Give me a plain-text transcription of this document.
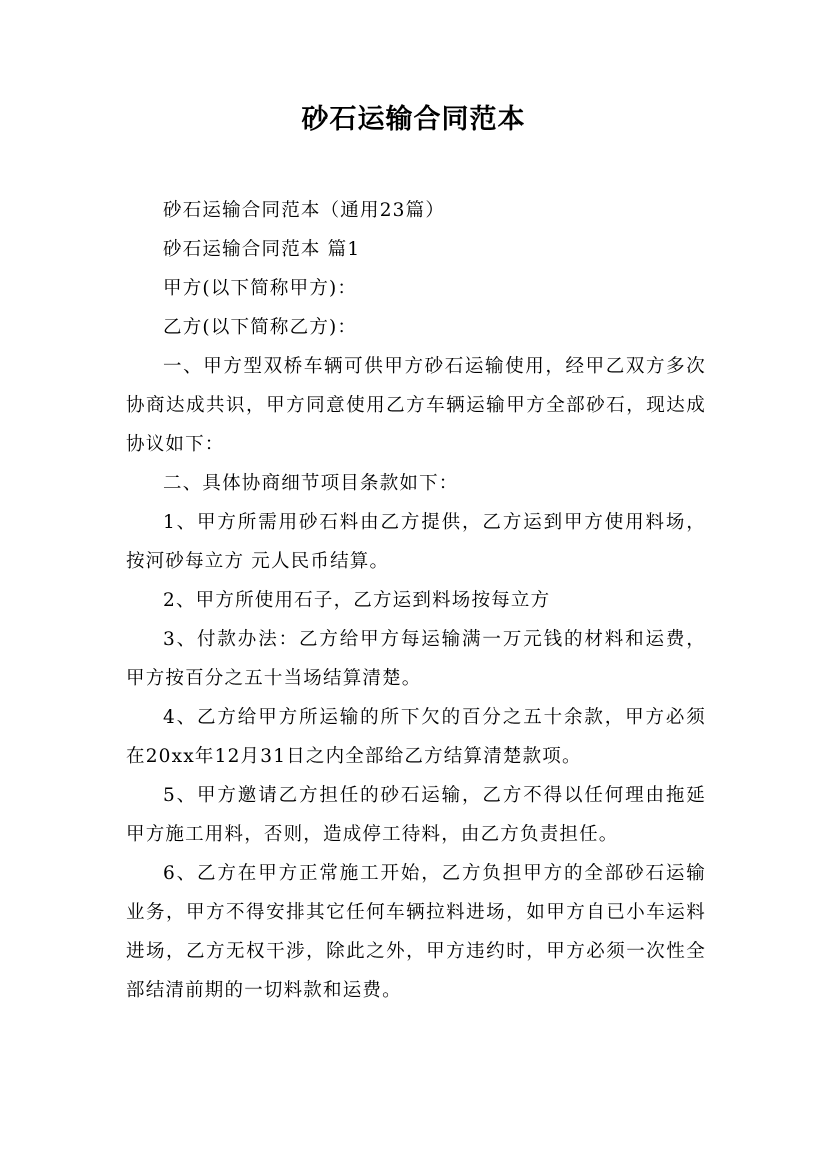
砂石运输合同范本

砂石运输合同范本（通用23篇）

砂石运输合同范本 篇1

甲方(以下简称甲方)：

乙方(以下简称乙方)：

一、甲方型双桥车辆可供甲方砂石运输使用，经甲乙双方多次协商达成共识，甲方同意使用乙方车辆运输甲方全部砂石，现达成协议如下：

二、具体协商细节项目条款如下：

1、甲方所需用砂石料由乙方提供，乙方运到甲方使用料场，按河砂每立方 元人民币结算。

2、甲方所使用石子，乙方运到料场按每立方

3、付款办法：乙方给甲方每运输满一万元钱的材料和运费，甲方按百分之五十当场结算清楚。

4、乙方给甲方所运输的所下欠的百分之五十余款，甲方必须在20xx年12月31日之内全部给乙方结算清楚款项。

5、甲方邀请乙方担任的砂石运输，乙方不得以任何理由拖延甲方施工用料，否则，造成停工待料，由乙方负责担任。

6、乙方在甲方正常施工开始，乙方负担甲方的全部砂石运输业务，甲方不得安排其它任何车辆拉料进场，如甲方自已小车运料进场，乙方无权干涉，除此之外，甲方违约时，甲方必须一次性全部结清前期的一切料款和运费。
